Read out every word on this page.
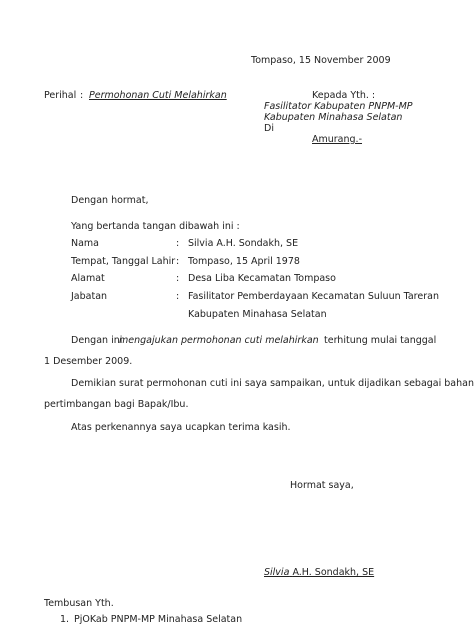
Tompaso, 15 November 2009
Perihal : Permohonan Cuti Melahirkan	Kepada Yth. :
Fasilitator Kabupaten PNPM-MP
Kabupaten Minahasa Selatan
Di
Amurang.-
Dengan hormat,
Yang bertanda tangan dibawah ini :
Nama	: Silvia A.H. Sondakh, SE
Tempat, Tanggal Lahir : Tompaso, 15 April 1978
Alamat	: Desa Liba Kecamatan Tompaso
Jabatan	: Fasilitator Pemberdayaan Kecamatan Suluun Tareran
Kabupaten Minahasa Selatan
Dengan ini
mengajukan permohonan cuti melahirkan terhitung mulai tanggal
1 Desember 2009.
Demikian surat permohonan cuti ini saya sampaikan, untuk dijadikan sebagai bahan
pertimbangan bagi Bapak/Ibu.
Atas perkenannya saya ucapkan terima kasih.
Hormat saya,
Silvia A.H. Sondakh, SE
Tembusan Yth.
1. PjOKab PNPM-MP Minahasa Selatan
